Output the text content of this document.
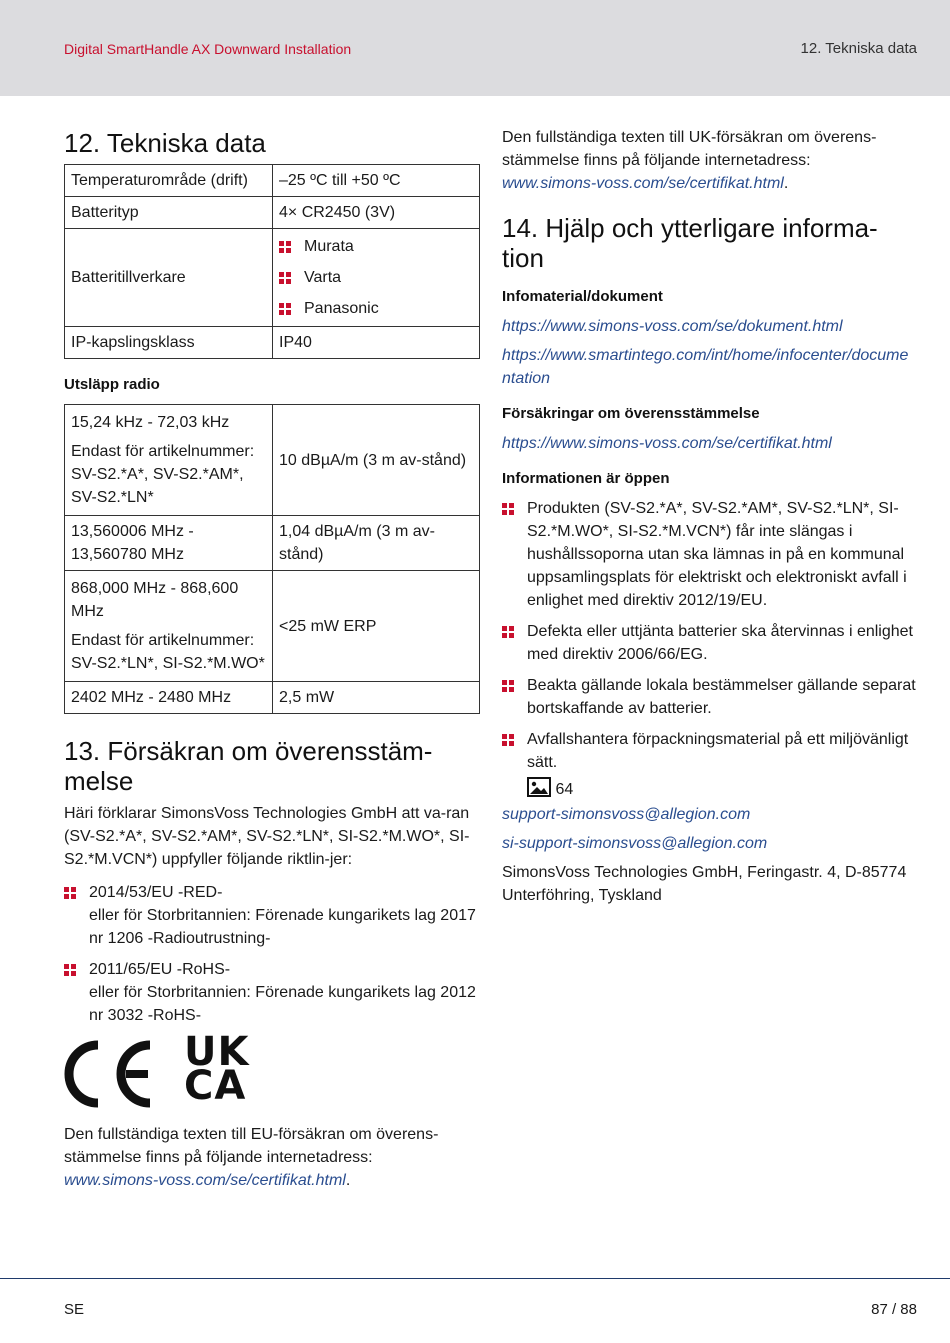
Digital SmartHandle AX Downward Installation	12. Tekniska data
12. Tekniska data
Temperaturområde (drift)	–25 ºC till +50 ºC
Batterityp	4× CR2450 (3V)
Batteritillverkare	Murata
Varta
Panasonic

IP-kapslingsklass	IP40
Utsläpp radio
15,24 kHz - 72,03 kHz
Endast för artikelnummer: SV-S2.*A*, SV-S2.*AM*, SV-S2.*LN*	10 dBµA/m (3 m av-stånd)
13,560006 MHz - 13,560780 MHz	1,04 dBµA/m (3 m av-stånd)

868,000 MHz - 868,600 MHz
Endast för artikelnummer: SV-S2.*LN*, SI-S2.*M.WO*	<25 mW ERP
2402 MHz - 2480 MHz	2,5 mW
13. Försäkran om överensstäm-melse

Häri förklarar SimonsVoss Technologies GmbH att va-ran (SV-S2.*A*, SV-S2.*AM*, SV-S2.*LN*, SI-S2.*M.WO*, SI-S2.*M.VCN*) uppfyller följande riktlin-jer:

2014/53/EU -RED-
eller för Storbritannien: Förenade kungarikets lag 2017 nr 1206 -Radioutrustning-
2011/65/EU -RoHS-
eller för Storbritannien: Förenade kungarikets lag 2012 nr 3032 -RoHS-
UK
CA

Den fullständiga texten till EU-försäkran om överens-stämmelse finns på följande internetadress:
www.simons-voss.com/se/certifikat.html.

Den fullständiga texten till UK-försäkran om överens-stämmelse finns på följande internetadress:
www.simons-voss.com/se/certifikat.html.

14. Hjälp och ytterligare informa-tion
Infomaterial/dokument

https://www.simons-voss.com/se/dokument.html

https://www.smartintego.com/int/home/infocenter/documentation

Försäkringar om överensstämmelse

https://www.simons-voss.com/se/certifikat.html

Informationen är öppen
Produkten (SV-S2.*A*, SV-S2.*AM*, SV-S2.*LN*, SI-S2.*M.WO*, SI-S2.*M.VCN*) får inte slängas i hushållssoporna utan ska lämnas in på en kommunal uppsamlingsplats för elektriskt och elektroniskt avfall i enlighet med direktiv 2012/19/EU.
Defekta eller uttjänta batterier ska återvinnas i enlighet med direktiv 2006/66/EG.
Beakta gällande lokala bestämmelser gällande separat bortskaffande av batterier.
Avfallshantera förpackningsmaterial på ett miljövänligt sätt.
64

support-simonsvoss@allegion.com

si-support-simonsvoss@allegion.com

SimonsVoss Technologies GmbH, Feringastr. 4, D-85774 Unterföhring, Tyskland

SE	87 / 88
